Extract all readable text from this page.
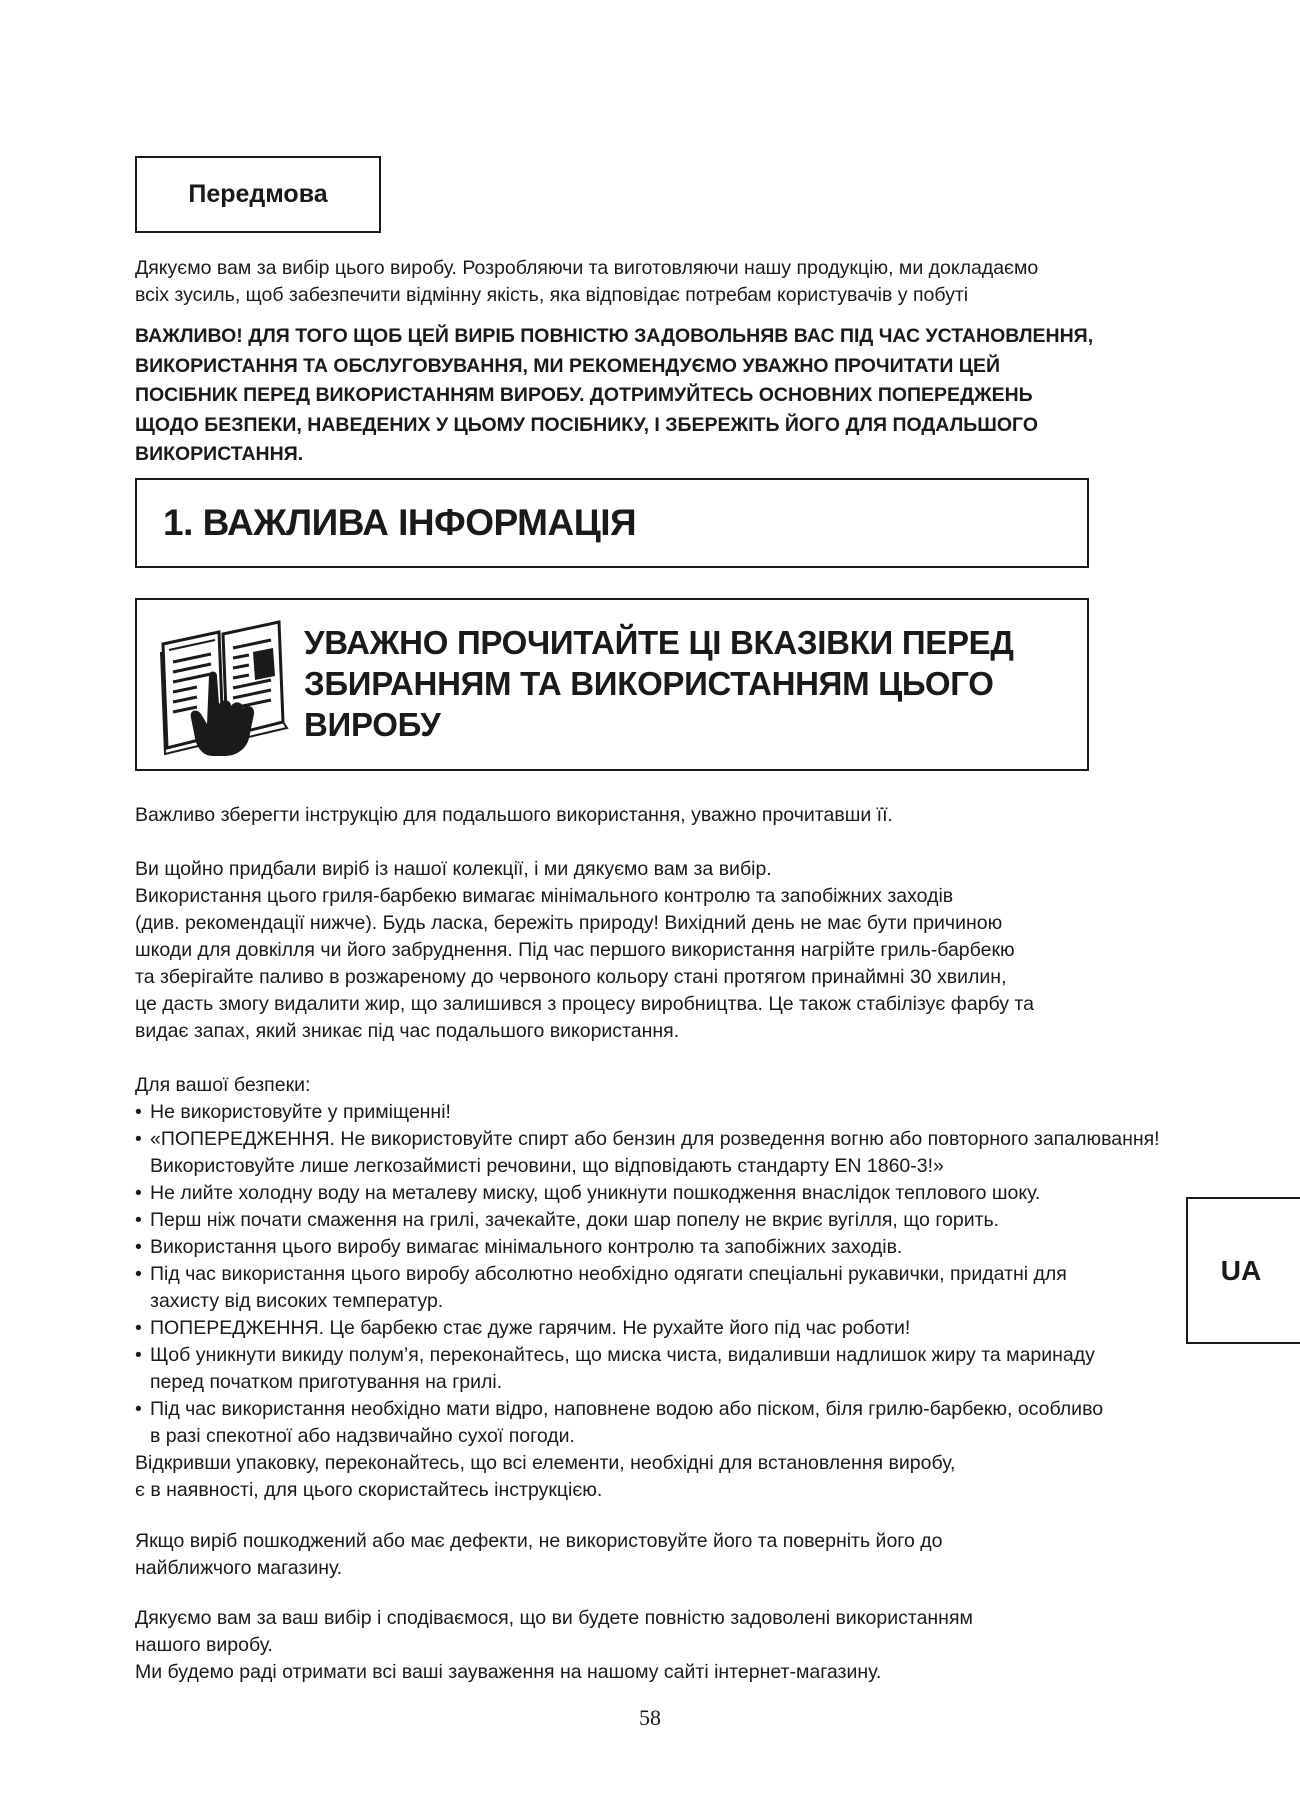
Передмова
Дякуємо вам за вибір цього виробу. Розробляючи та виготовляючи нашу продукцію, ми докладаємо
всіх зусиль, щоб забезпечити відмінну якість, яка відповідає потребам користувачів у побуті
ВАЖЛИВО! ДЛЯ ТОГО ЩОБ ЦЕЙ ВИРІБ ПОВНІСТЮ ЗАДОВОЛЬНЯВ ВАС ПІД ЧАС УСТАНОВЛЕННЯ,
ВИКОРИСТАННЯ ТА ОБСЛУГОВУВАННЯ, МИ РЕКОМЕНДУЄМО УВАЖНО ПРОЧИТАТИ ЦЕЙ
ПОСІБНИК ПЕРЕД ВИКОРИСТАННЯМ ВИРОБУ. ДОТРИМУЙТЕСЬ ОСНОВНИХ ПОПЕРЕДЖЕНЬ
ЩОДО БЕЗПЕКИ, НАВЕДЕНИХ У ЦЬОМУ ПОСІБНИКУ, І ЗБЕРЕЖІТЬ ЙОГО ДЛЯ ПОДАЛЬШОГО
ВИКОРИСТАННЯ.
1. ВАЖЛИВА ІНФОРМАЦІЯ
УВАЖНО ПРОЧИТАЙТЕ ЦІ ВКАЗІВКИ ПЕРЕД
ЗБИРАННЯМ ТА ВИКОРИСТАННЯМ ЦЬОГО
ВИРОБУ
Важливо зберегти інструкцію для подальшого використання, уважно прочитавши її.
Ви щойно придбали виріб із нашої колекції, і ми дякуємо вам за вибір.
Використання цього гриля-барбекю вимагає мінімального контролю та запобіжних заходів
(див. рекомендації нижче). Будь ласка, бережіть природу! Вихідний день не має бути причиною
шкоди для довкілля чи його забруднення. Під час першого використання нагрійте гриль-барбекю
та зберігайте паливо в розжареному до червоного кольору стані протягом принаймні 30 хвилин,
це дасть змогу видалити жир, що залишився з процесу виробництва. Це також стабілізує фарбу та
видає запах, який зникає під час подальшого використання.
Для вашої безпеки:
• Не використовуйте у приміщенні!
• «ПОПЕРЕДЖЕННЯ. Не використовуйте спирт або бензин для розведення вогню або повторного запалювання! Використовуйте лише легкозаймисті речовини, що відповідають стандарту EN 1860-3!»
• Не лийте холодну воду на металеву миску, щоб уникнути пошкодження внаслідок теплового шоку.
• Перш ніж почати смаження на грилі, зачекайте, доки шар попелу не вкриє вугілля, що горить.
• Використання цього виробу вимагає мінімального контролю та запобіжних заходів.
• Під час використання цього виробу абсолютно необхідно одягати спеціальні рукавички, придатні для захисту від високих температур.
• ПОПЕРЕДЖЕННЯ. Це барбекю стає дуже гарячим. Не рухайте його під час роботи!
• Щоб уникнути викиду полум’я, переконайтесь, що миска чиста, видаливши надлишок жиру та маринаду перед початком приготування на грилі.
• Під час використання необхідно мати відро, наповнене водою або піском, біля грилю-барбекю, особливо в разі спекотної або надзвичайно сухої погоди.
Відкривши упаковку, переконайтесь, що всі елементи, необхідні для встановлення виробу,
є в наявності, для цього скористайтесь інструкцією.
Якщо виріб пошкоджений або має дефекти, не використовуйте його та поверніть його до
найближчого магазину.
Дякуємо вам за ваш вибір і сподіваємося, що ви будете повністю задоволені використанням
нашого виробу.
Ми будемо раді отримати всі ваші зауваження на нашому сайті інтернет-магазину.
UA
58
